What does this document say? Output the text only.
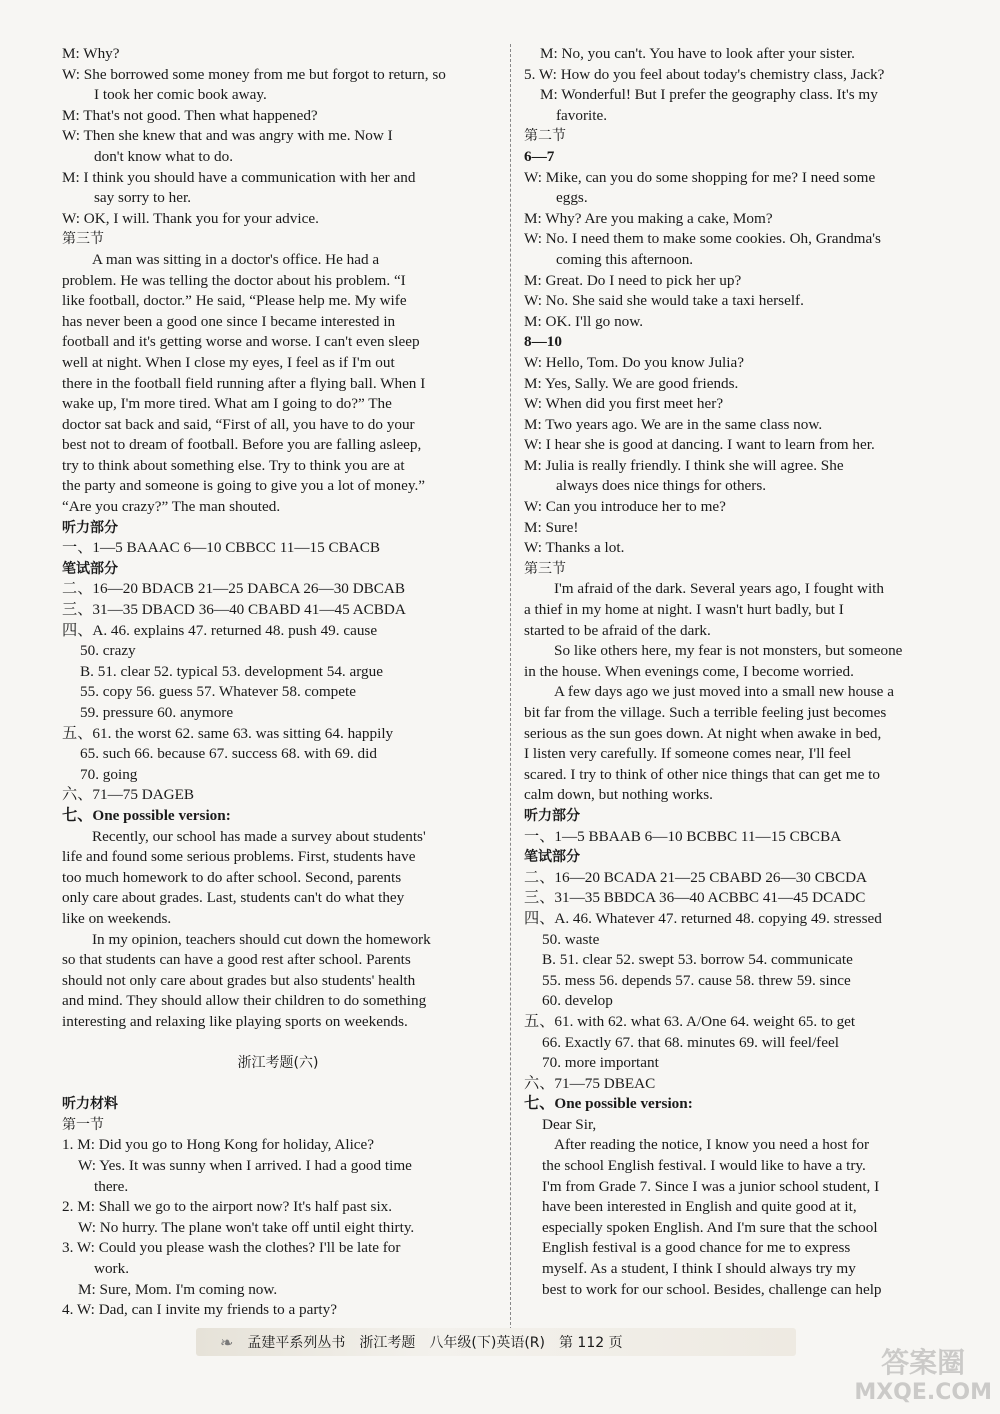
M: Why?
W: She borrowed some money from me but forgot to return, so
I took her comic book away.
M: That's not good. Then what happened?
W: Then she knew that and was angry with me. Now I
don't know what to do.
M: I think you should have a communication with her and
say sorry to her.
W: OK, I will. Thank you for your advice.
第三节
A man was sitting in a doctor's office. He had a
problem. He was telling the doctor about his problem. “I
like football, doctor.” He said, “Please help me. My wife
has never been a good one since I became interested in
football and it's getting worse and worse. I can't even sleep
well at night. When I close my eyes, I feel as if I'm out
there in the football field running after a flying ball. When I
wake up, I'm more tired. What am I going to do?” The
doctor sat back and said, “First of all, you have to do your
best not to dream of football. Before you are falling asleep,
try to think about something else. Try to think you are at
the party and someone is going to give you a lot of money.”
“Are you crazy?” The man shouted.
听力部分
一、1—5 BAAAC 6—10 CBBCC 11—15 CBACB
笔试部分
二、16—20 BDACB 21—25 DABCA 26—30 DBCAB
三、31—35 DBACD 36—40 CBABD 41—45 ACBDA
四、A. 46. explains 47. returned 48. push 49. cause
50. crazy
B. 51. clear 52. typical 53. development 54. argue
55. copy 56. guess 57. Whatever 58. compete
59. pressure 60. anymore
五、61. the worst 62. same 63. was sitting 64. happily
65. such 66. because 67. success 68. with 69. did
70. going
六、71—75 DAGEB
七、One possible version:
Recently, our school has made a survey about students'
life and found some serious problems. First, students have
too much homework to do after school. Second, parents
only care about grades. Last, students can't do what they
like on weekends.
In my opinion, teachers should cut down the homework
so that students can have a good rest after school. Parents
should not only care about grades but also students' health
and mind. They should allow their children to do something
interesting and relaxing like playing sports on weekends.

浙江考题(六)

听力材料
第一节
1. M: Did you go to Hong Kong for holiday, Alice?
W: Yes. It was sunny when I arrived. I had a good time
there.
2. M: Shall we go to the airport now? It's half past six.
W: No hurry. The plane won't take off until eight thirty.
3. W: Could you please wash the clothes? I'll be late for
work.
M: Sure, Mom. I'm coming now.
4. W: Dad, can I invite my friends to a party?
M: No, you can't. You have to look after your sister.
5. W: How do you feel about today's chemistry class, Jack?
M: Wonderful! But I prefer the geography class. It's my
favorite.
第二节
6—7
W: Mike, can you do some shopping for me? I need some
eggs.
M: Why? Are you making a cake, Mom?
W: No. I need them to make some cookies. Oh, Grandma's
coming this afternoon.
M: Great. Do I need to pick her up?
W: No. She said she would take a taxi herself.
M: OK. I'll go now.
8—10
W: Hello, Tom. Do you know Julia?
M: Yes, Sally. We are good friends.
W: When did you first meet her?
M: Two years ago. We are in the same class now.
W: I hear she is good at dancing. I want to learn from her.
M: Julia is really friendly. I think she will agree. She
always does nice things for others.
W: Can you introduce her to me?
M: Sure!
W: Thanks a lot.
第三节
I'm afraid of the dark. Several years ago, I fought with
a thief in my home at night. I wasn't hurt badly, but I
started to be afraid of the dark.
So like others here, my fear is not monsters, but someone
in the house. When evenings come, I become worried.
A few days ago we just moved into a small new house a
bit far from the village. Such a terrible feeling just becomes
serious as the sun goes down. At night when awake in bed,
I listen very carefully. If someone comes near, I'll feel
scared. I try to think of other nice things that can get me to
calm down, but nothing works.
听力部分
一、1—5 BBAAB 6—10 BCBBC 11—15 CBCBA
笔试部分
二、16—20 BCADA 21—25 CBABD 26—30 CBCDA
三、31—35 BBDCA 36—40 ACBBC 41—45 DCADC
四、A. 46. Whatever 47. returned 48. copying 49. stressed
50. waste
B. 51. clear 52. swept 53. borrow 54. communicate
55. mess 56. depends 57. cause 58. threw 59. since
60. develop
五、61. with 62. what 63. A/One 64. weight 65. to get
66. Exactly 67. that 68. minutes 69. will feel/feel
70. more important
六、71—75 DBEAC
七、One possible version:
Dear Sir,
After reading the notice, I know you need a host for
the school English festival. I would like to have a try.
I'm from Grade 7. Since I was a junior school student, I
have been interested in English and quite good at it,
especially spoken English. And I'm sure that the school
English festival is a good chance for me to express
myself. As a student, I think I should always try my
best to work for our school. Besides, challenge can help
❧ 孟建平系列丛书 浙江考题 八年级(下)英语(R) 第 112 页
答案圈
MXQE.COM
